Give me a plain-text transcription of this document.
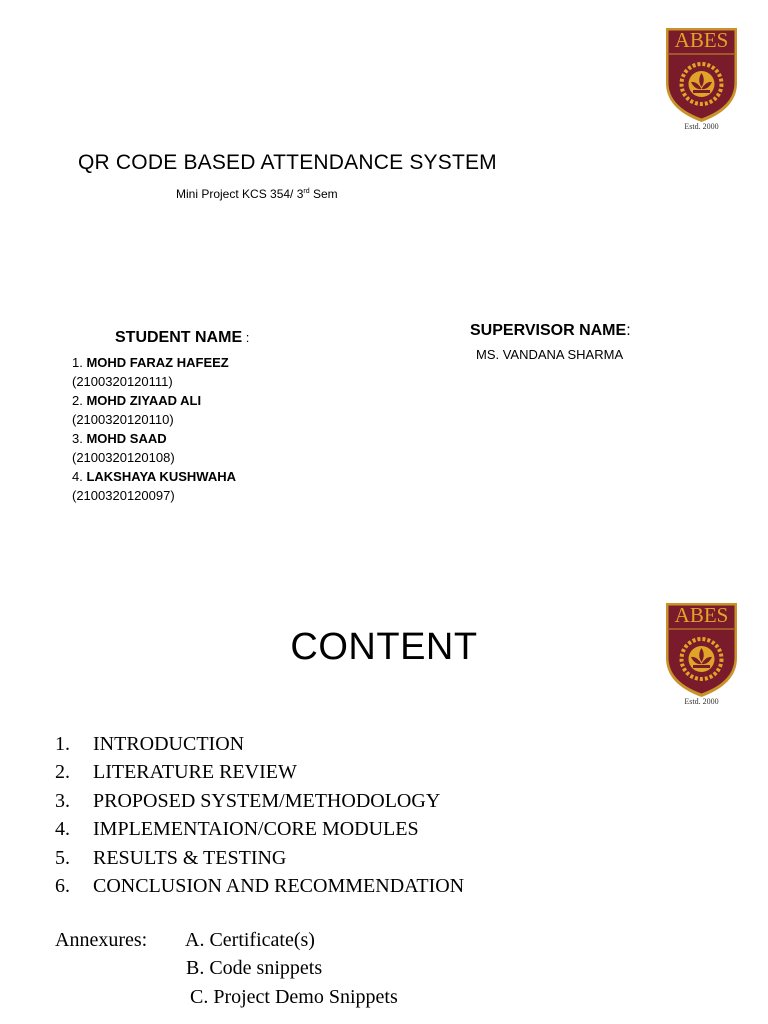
ABES
Estd. 2000
QR CODE BASED ATTENDANCE SYSTEM
Mini Project KCS 354/ 3rd Sem
STUDENT NAME :
1. MOHD FARAZ HAFEEZ
(2100320120111)
2. MOHD ZIYAAD ALI
(2100320120110)
3. MOHD SAAD
(2100320120108)
4. LAKSHAYA KUSHWAHA
(2100320120097)
SUPERVISOR NAME:
MS. VANDANA SHARMA
ABES
Estd. 2000
CONTENT
1. INTRODUCTION
2. LITERATURE REVIEW
3. PROPOSED SYSTEM/METHODOLOGY
4. IMPLEMENTAION/CORE MODULES
5. RESULTS & TESTING
6. CONCLUSION AND RECOMMENDATION
Annexures: A. Certificate(s)
B. Code snippets
C. Project Demo Snippets
